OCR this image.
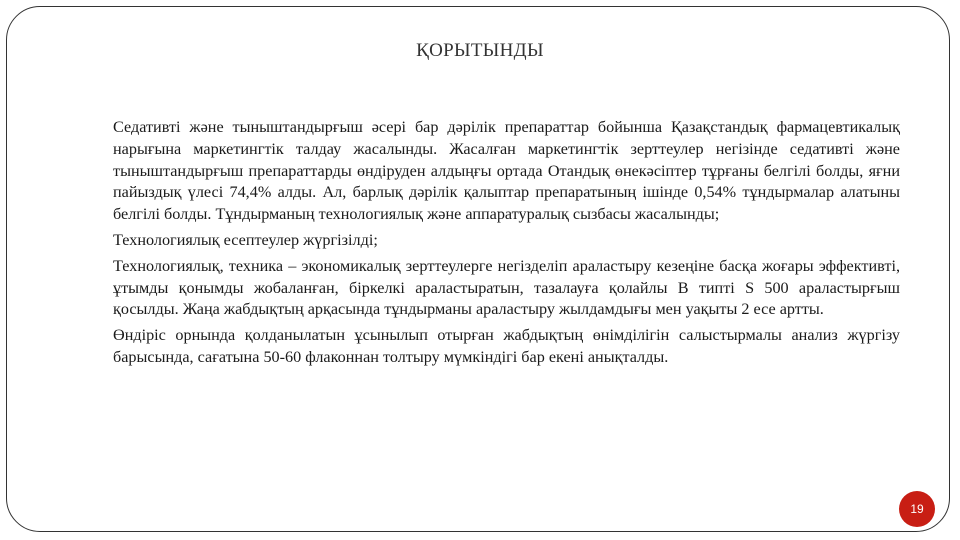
ҚОРЫТЫНДЫ

Седативті және тыныштандырғыш әсері бар дәрілік препараттар бойынша Қазақстандық фармацевтикалық нарығына маркетингтік талдау жасалынды. Жасалған маркетингтік зерттеулер негізінде седативті және тыныштандырғыш препараттарды өндіруден алдыңғы ортада Отандық өнекәсіптер тұрғаны белгілі болды, яғни пайыздық үлесі 74,4% алды. Ал, барлық дәрілік қалыптар препаратының ішінде 0,54% тұндырмалар алатыны белгілі болды. Тұндырманың технологиялық және аппаратуралық сызбасы жасалынды;

Технологиялық есептеулер жүргізілді;

Технологиялық, техника – экономикалық зерттеулерге негізделіп араластыру кезеңіне басқа жоғары эффективті, ұтымды қонымды жобаланған, біркелкі араластыратын, тазалауға қолайлы В типті S 500 араластырғыш қосылды. Жаңа жабдықтың арқасында тұндырманы араластыру жылдамдығы мен уақыты 2 есе артты.

Өндіріс орнында қолданылатын ұсынылып отырған жабдықтың өнімділігін салыстырмалы анализ жүргізу барысында, сағатына 50-60 флаконнан толтыру мүмкіндігі бар екені анықталды.

19
